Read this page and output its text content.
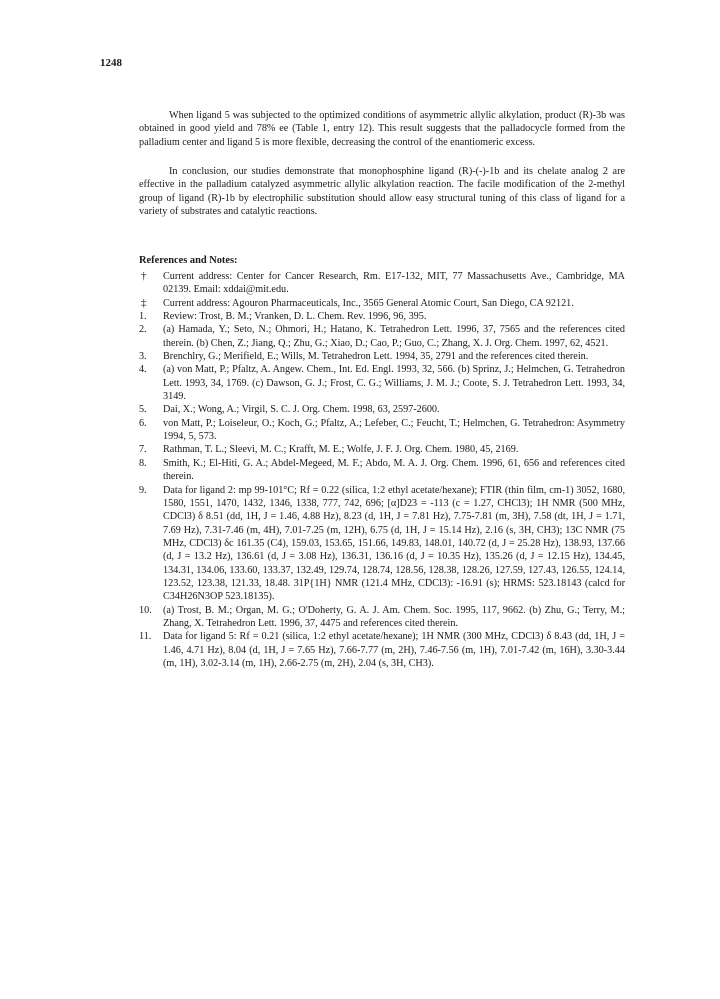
1248

When ligand 5 was subjected to the optimized conditions of asymmetric allylic alkylation, product (R)-3b was obtained in good yield and 78% ee (Table 1, entry 12). This result suggests that the palladocycle formed from the palladium center and ligand 5 is more flexible, decreasing the control of the enantiomeric excess.

In conclusion, our studies demonstrate that monophosphine ligand (R)-(-)-1b and its chelate analog 2 are effective in the palladium catalyzed asymmetric allylic alkylation reaction. The facile modification of the 2-methyl group of ligand (R)-1b by electrophilic substitution should allow easy structural tuning of this class of ligand for a variety of substrates and catalytic reactions.

References and Notes:
†	Current address: Center for Cancer Research, Rm. E17-132, MIT, 77 Massachusetts Ave., Cambridge, MA 02139. Email: xddai@mit.edu.
‡	Current address: Agouron Pharmaceuticals, Inc., 3565 General Atomic Court, San Diego, CA 92121.
1.	Review: Trost, B. M.; Vranken, D. L. Chem. Rev. 1996, 96, 395.
2.	(a) Hamada, Y.; Seto, N.; Ohmori, H.; Hatano, K. Tetrahedron Lett. 1996, 37, 7565 and the references cited therein. (b) Chen, Z.; Jiang, Q.; Zhu, G.; Xiao, D.; Cao, P.; Guo, C.; Zhang, X. J. Org. Chem. 1997, 62, 4521.
3.	Brenchlry, G.; Merifield, E.; Wills, M. Tetrahedron Lett. 1994, 35, 2791 and the references cited therein.
4.	(a) von Matt, P.; Pfaltz, A. Angew. Chem., Int. Ed. Engl. 1993, 32, 566. (b) Sprinz, J.; Helmchen, G. Tetrahedron Lett. 1993, 34, 1769. (c) Dawson, G. J.; Frost, C. G.; Williams, J. M. J.; Coote, S. J. Tetrahedron Lett. 1993, 34, 3149.
5.	Dai, X.; Wong, A.; Virgil, S. C. J. Org. Chem. 1998, 63, 2597-2600.
6.	von Matt, P.; Loiseleur, O.; Koch, G.; Pfaltz, A.; Lefeber, C.; Feucht, T.; Helmchen, G. Tetrahedron: Asymmetry 1994, 5, 573.
7.	Rathman, T. L.; Sleevi, M. C.; Krafft, M. E.; Wolfe, J. F. J. Org. Chem. 1980, 45, 2169.
8.	Smith, K.; El-Hiti, G. A.; Abdel-Megeed, M. F.; Abdo, M. A. J. Org. Chem. 1996, 61, 656 and references cited therein.
9.	Data for ligand 2: mp 99-101°C; Rf = 0.22 (silica, 1:2 ethyl acetate/hexane); FTIR (thin film, cm-1) 3052, 1680, 1580, 1551, 1470, 1432, 1346, 1338, 777, 742, 696; [α]D23 = -113 (c = 1.27, CHCl3); 1H NMR (500 MHz, CDCl3) δ 8.51 (dd, 1H, J = 1.46, 4.88 Hz), 8.23 (d, 1H, J = 7.81 Hz), 7.75-7.81 (m, 3H), 7.58 (dt, 1H, J = 1.71, 7.69 Hz), 7.31-7.46 (m, 4H), 7.01-7.25 (m, 12H), 6.75 (d, 1H, J = 15.14 Hz), 2.16 (s, 3H, CH3); 13C NMR (75 MHz, CDCl3) δc 161.35 (C4), 159.03, 153.65, 151.66, 149.83, 148.01, 140.72 (d, J = 25.28 Hz), 138.93, 137.66 (d, J = 13.2 Hz), 136.61 (d, J = 3.08 Hz), 136.31, 136.16 (d, J = 10.35 Hz), 135.26 (d, J = 12.15 Hz), 134.45, 134.31, 134.06, 133.60, 133.37, 132.49, 129.74, 128.74, 128.56, 128.38, 128.26, 127.59, 127.43, 126.55, 124.14, 123.52, 123.38, 121.33, 18.48. 31P{1H} NMR (121.4 MHz, CDCl3): -16.91 (s); HRMS: 523.18143 (calcd for C34H26N3OP 523.18135).
10.	(a) Trost, B. M.; Organ, M. G.; O'Doherty, G. A. J. Am. Chem. Soc. 1995, 117, 9662. (b) Zhu, G.; Terry, M.; Zhang, X. Tetrahedron Lett. 1996, 37, 4475 and references cited therein.
11.	Data for ligand 5: Rf = 0.21 (silica, 1:2 ethyl acetate/hexane); 1H NMR (300 MHz, CDCl3) δ 8.43 (dd, 1H, J = 1.46, 4.71 Hz), 8.04 (d, 1H, J = 7.65 Hz), 7.66-7.77 (m, 2H), 7.46-7.56 (m, 1H), 7.01-7.42 (m, 16H), 3.30-3.44 (m, 1H), 3.02-3.14 (m, 1H), 2.66-2.75 (m, 2H), 2.04 (s, 3H, CH3).
